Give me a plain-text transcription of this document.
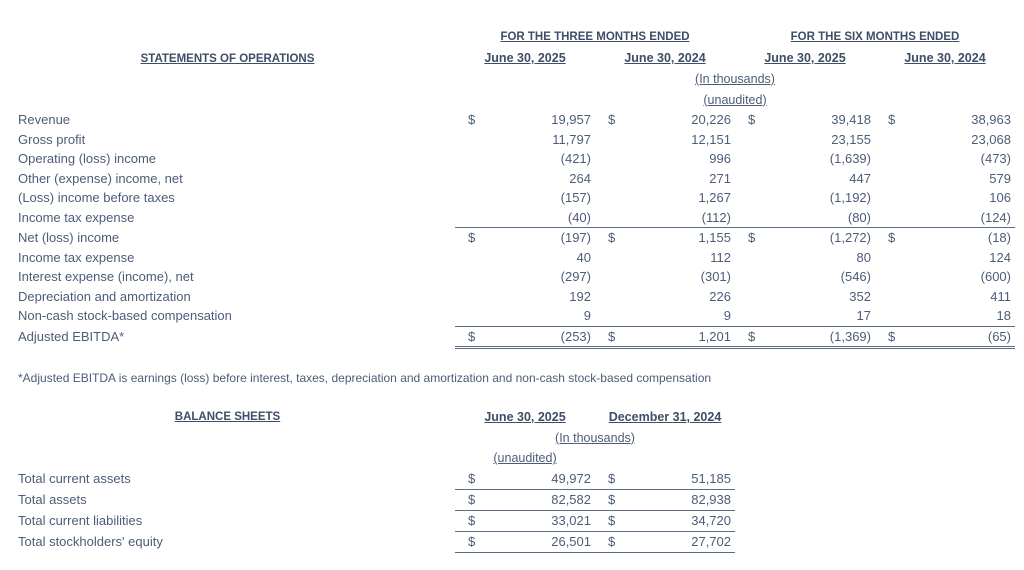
	FOR THE THREE MONTHS ENDED				FOR THE SIX MONTHS ENDED			
STATEMENTS OF OPERATIONS	June 30, 2025		June 30, 2024		June 30, 2025		June 30, 2024	
	(In thousands)							
	(unaudited)							
Revenue	$	19,957	$	20,226	$	39,418	$	38,963
Gross profit		11,797		12,151		23,155		23,068
Operating (loss) income		(421)		996		(1,639)		(473)
Other (expense) income, net		264		271		447		579
(Loss) income before taxes		(157)		1,267		(1,192)		106
Income tax expense		(40)		(112)		(80)		(124)
Net (loss) income	$	(197)	$	1,155	$	(1,272)	$	(18)
Income tax expense		40		112		80		124
Interest expense (income), net		(297)		(301)		(546)		(600)
Depreciation and amortization		192		226		352		411
Non-cash stock-based compensation		9		9		17		18
Adjusted EBITDA*	$	(253)	$	1,201	$	(1,369)	$	(65)
*Adjusted EBITDA is earnings (loss) before interest, taxes, depreciation and amortization and non-cash stock-based compensation
BALANCE SHEETS	June 30, 2025		December 31, 2024	
	(In thousands)			
	(unaudited)			
Total current assets	$	49,972	$	51,185
Total assets	$	82,582	$	82,938
Total current liabilities	$	33,021	$	34,720
Total stockholders' equity	$	26,501	$	27,702
